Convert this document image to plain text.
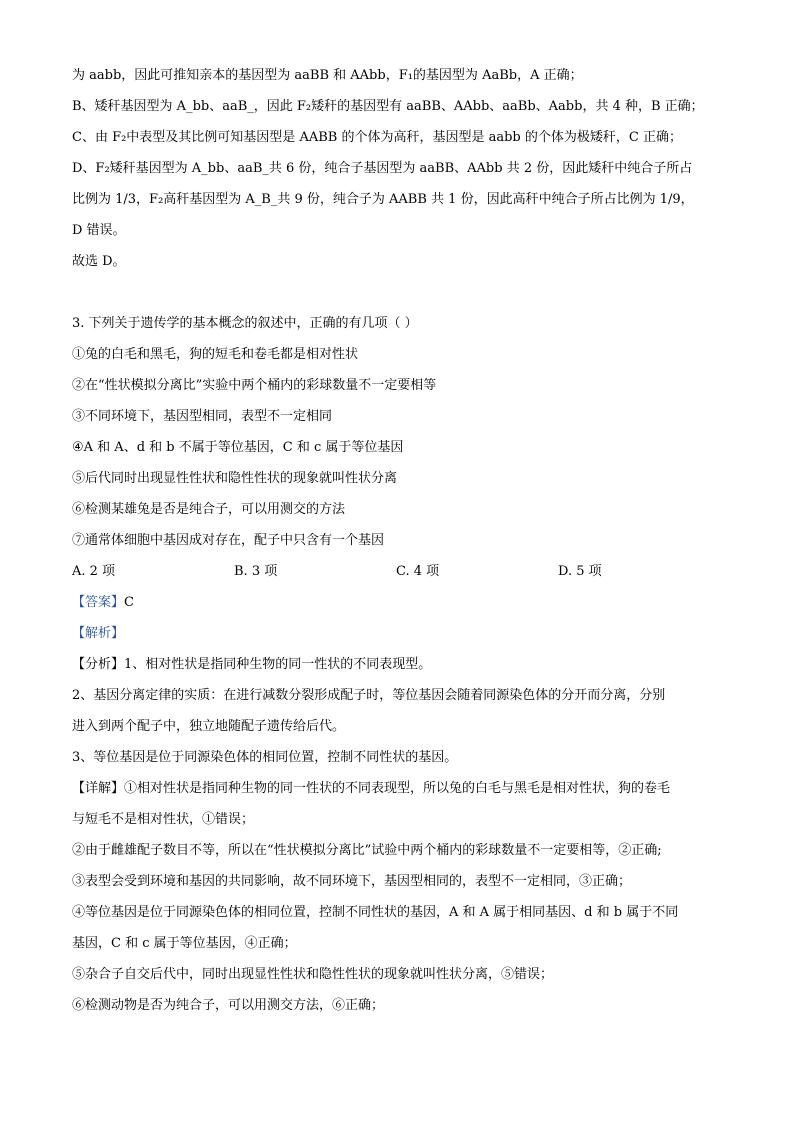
为 aabb，因此可推知亲本的基因型为 aaBB 和 AAbb，F₁的基因型为 AaBb，A 正确；
B、矮秆基因型为 A_bb、aaB_，因此 F₂矮秆的基因型有 aaBB、AAbb、aaBb、Aabb，共 4 种，B 正确；
C、由 F₂中表型及其比例可知基因型是 AABB 的个体为高秆，基因型是 aabb 的个体为极矮秆，C 正确；
D、F₂矮秆基因型为 A_bb、aaB_共 6 份，纯合子基因型为 aaBB、AAbb 共 2 份，因此矮秆中纯合子所占
比例为 1/3，F₂高秆基因型为 A_B_共 9 份，纯合子为 AABB 共 1 份，因此高秆中纯合子所占比例为 1/9，
D 错误。
故选 D。
3. 下列关于遗传学的基本概念的叙述中，正确的有几项（ ）
①兔的白毛和黑毛，狗的短毛和卷毛都是相对性状
②在“性状模拟分离比”实验中两个桶内的彩球数量不一定要相等
③不同环境下，基因型相同，表型不一定相同
④A 和 A、d 和 b 不属于等位基因，C 和 c 属于等位基因
⑤后代同时出现显性性状和隐性性状的现象就叫性状分离
⑥检测某雄兔是否是纯合子，可以用测交的方法
⑦通常体细胞中基因成对存在，配子中只含有一个基因
A. 2 项	B. 3 项	C. 4 项	D. 5 项
【答案】C
【解析】
【分析】1、相对性状是指同种生物的同一性状的不同表现型。
2、基因分离定律的实质：在进行减数分裂形成配子时，等位基因会随着同源染色体的分开而分离，分别
进入到两个配子中，独立地随配子遗传给后代。
3、等位基因是位于同源染色体的相同位置，控制不同性状的基因。
【详解】①相对性状是指同种生物的同一性状的不同表现型，所以兔的白毛与黑毛是相对性状，狗的卷毛
与短毛不是相对性状，①错误；
②由于雌雄配子数目不等，所以在“性状模拟分离比”试验中两个桶内的彩球数量不一定要相等，②正确;
③表型会受到环境和基因的共同影响，故不同环境下，基因型相同的，表型不一定相同，③正确；
④等位基因是位于同源染色体的相同位置，控制不同性状的基因，A 和 A 属于相同基因、d 和 b 属于不同
基因，C 和 c 属于等位基因，④正确；
⑤杂合子自交后代中，同时出现显性性状和隐性性状的现象就叫性状分离，⑤错误；
⑥检测动物是否为纯合子，可以用测交方法，⑥正确；
